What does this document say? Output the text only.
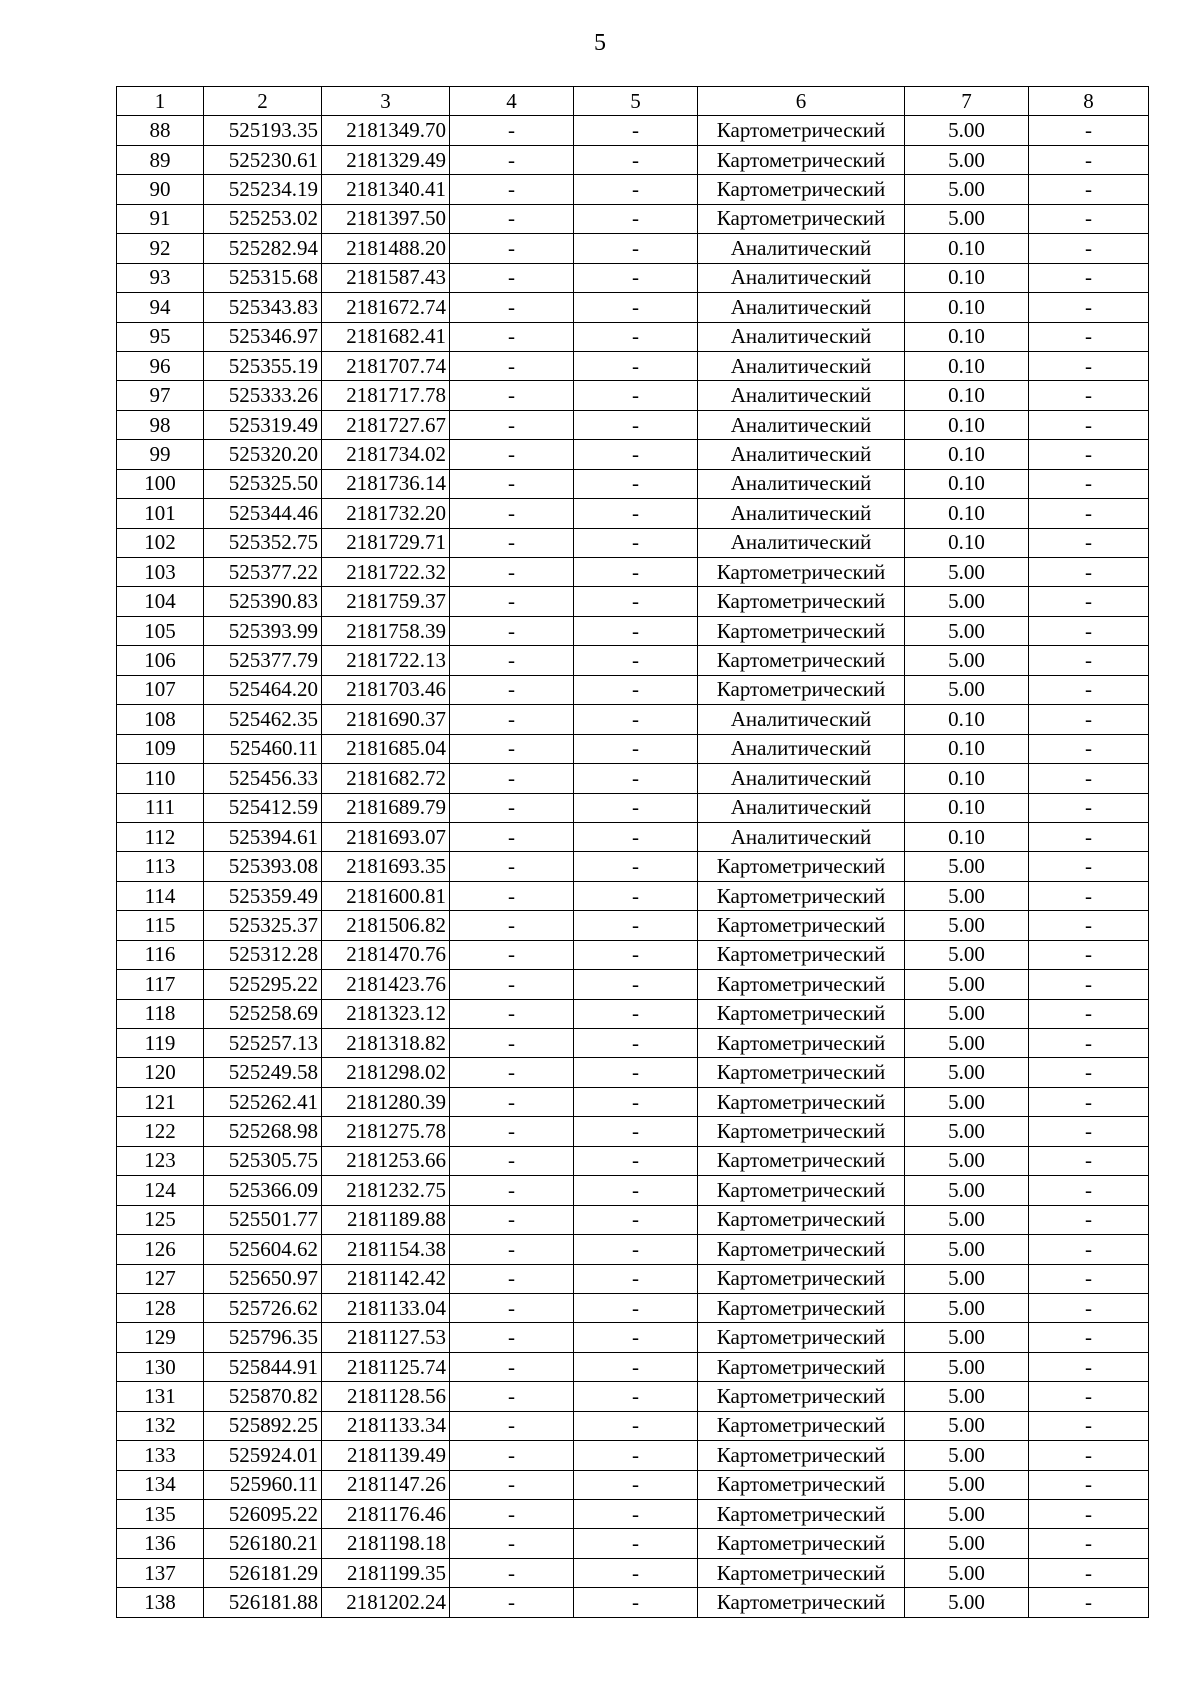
5
1	2	3	4	5	6	7	8
88	525193.35	2181349.70	-	-	Картометрический	5.00	-
89	525230.61	2181329.49	-	-	Картометрический	5.00	-
90	525234.19	2181340.41	-	-	Картометрический	5.00	-
91	525253.02	2181397.50	-	-	Картометрический	5.00	-
92	525282.94	2181488.20	-	-	Аналитический	0.10	-
93	525315.68	2181587.43	-	-	Аналитический	0.10	-
94	525343.83	2181672.74	-	-	Аналитический	0.10	-
95	525346.97	2181682.41	-	-	Аналитический	0.10	-
96	525355.19	2181707.74	-	-	Аналитический	0.10	-
97	525333.26	2181717.78	-	-	Аналитический	0.10	-
98	525319.49	2181727.67	-	-	Аналитический	0.10	-
99	525320.20	2181734.02	-	-	Аналитический	0.10	-
100	525325.50	2181736.14	-	-	Аналитический	0.10	-
101	525344.46	2181732.20	-	-	Аналитический	0.10	-
102	525352.75	2181729.71	-	-	Аналитический	0.10	-
103	525377.22	2181722.32	-	-	Картометрический	5.00	-
104	525390.83	2181759.37	-	-	Картометрический	5.00	-
105	525393.99	2181758.39	-	-	Картометрический	5.00	-
106	525377.79	2181722.13	-	-	Картометрический	5.00	-
107	525464.20	2181703.46	-	-	Картометрический	5.00	-
108	525462.35	2181690.37	-	-	Аналитический	0.10	-
109	525460.11	2181685.04	-	-	Аналитический	0.10	-
110	525456.33	2181682.72	-	-	Аналитический	0.10	-
111	525412.59	2181689.79	-	-	Аналитический	0.10	-
112	525394.61	2181693.07	-	-	Аналитический	0.10	-
113	525393.08	2181693.35	-	-	Картометрический	5.00	-
114	525359.49	2181600.81	-	-	Картометрический	5.00	-
115	525325.37	2181506.82	-	-	Картометрический	5.00	-
116	525312.28	2181470.76	-	-	Картометрический	5.00	-
117	525295.22	2181423.76	-	-	Картометрический	5.00	-
118	525258.69	2181323.12	-	-	Картометрический	5.00	-
119	525257.13	2181318.82	-	-	Картометрический	5.00	-
120	525249.58	2181298.02	-	-	Картометрический	5.00	-
121	525262.41	2181280.39	-	-	Картометрический	5.00	-
122	525268.98	2181275.78	-	-	Картометрический	5.00	-
123	525305.75	2181253.66	-	-	Картометрический	5.00	-
124	525366.09	2181232.75	-	-	Картометрический	5.00	-
125	525501.77	2181189.88	-	-	Картометрический	5.00	-
126	525604.62	2181154.38	-	-	Картометрический	5.00	-
127	525650.97	2181142.42	-	-	Картометрический	5.00	-
128	525726.62	2181133.04	-	-	Картометрический	5.00	-
129	525796.35	2181127.53	-	-	Картометрический	5.00	-
130	525844.91	2181125.74	-	-	Картометрический	5.00	-
131	525870.82	2181128.56	-	-	Картометрический	5.00	-
132	525892.25	2181133.34	-	-	Картометрический	5.00	-
133	525924.01	2181139.49	-	-	Картометрический	5.00	-
134	525960.11	2181147.26	-	-	Картометрический	5.00	-
135	526095.22	2181176.46	-	-	Картометрический	5.00	-
136	526180.21	2181198.18	-	-	Картометрический	5.00	-
137	526181.29	2181199.35	-	-	Картометрический	5.00	-
138	526181.88	2181202.24	-	-	Картометрический	5.00	-
